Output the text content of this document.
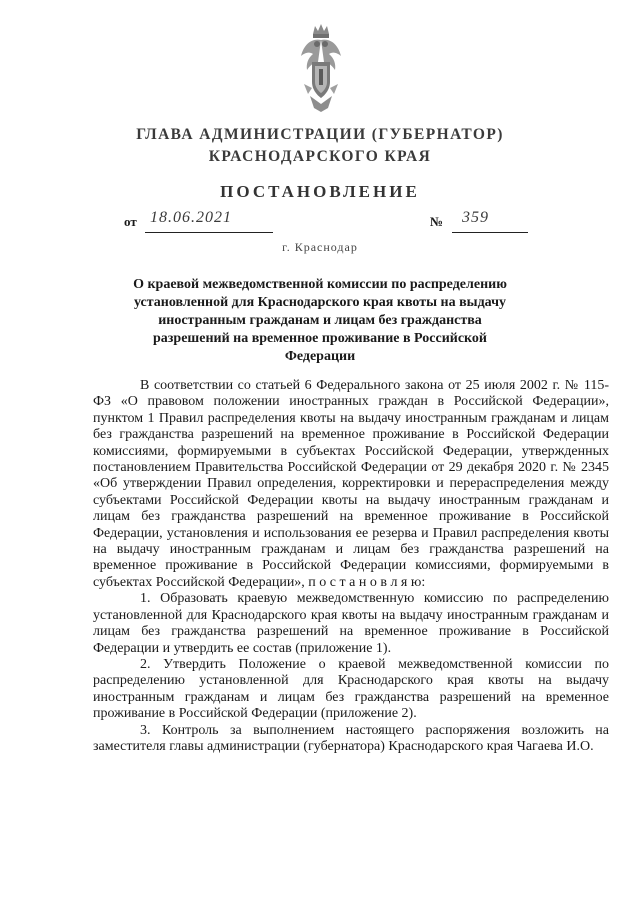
ГЛАВА АДМИНИСТРАЦИИ (ГУБЕРНАТОР)
КРАСНОДАРСКОГО КРАЯ
ПОСТАНОВЛЕНИЕ
от 18.06.2021	№ 359
г. Краснодар

О краевой межведомственной комиссии по распределению установленной для Краснодарского края квоты на выдачу иностранным гражданам и лицам без гражданства разрешений на временное проживание в Российской Федерации

В соответствии со статьей 6 Федерального закона от 25 июля 2002 г. № 115-ФЗ «О правовом положении иностранных граждан в Российской Федерации», пунктом 1 Правил распределения квоты на выдачу иностранным гражданам и лицам без гражданства разрешений на временное проживание в Российской Федерации комиссиями, формируемыми в субъектах Российской Федерации, утвержденных постановлением Правительства Российской Федерации от 29 декабря 2020 г. № 2345 «Об утверждении Правил определения, корректировки и перераспределения между субъектами Российской Федерации квоты на выдачу иностранным гражданам и лицам без гражданства разрешений на временное проживание в Российской Федерации, установления и использования ее резерва и Правил распределения квоты на выдачу иностранным гражданам и лицам без гражданства разрешений на временное проживание в Российской Федерации комиссиями, формируемыми в субъектах Российской Федерации», п о с т а н о в л я ю:

1. Образовать краевую межведомственную комиссию по распределению установленной для Краснодарского края квоты на выдачу иностранным гражданам и лицам без гражданства разрешений на временное проживание в Российской Федерации и утвердить ее состав (приложение 1).

2. Утвердить Положение о краевой межведомственной комиссии по распределению установленной для Краснодарского края квоты на выдачу иностранным гражданам и лицам без гражданства разрешений на временное проживание в Российской Федерации (приложение 2).

3. Контроль за выполнением настоящего распоряжения возложить на заместителя главы администрации (губернатора) Краснодарского края Чагаева И.О.
